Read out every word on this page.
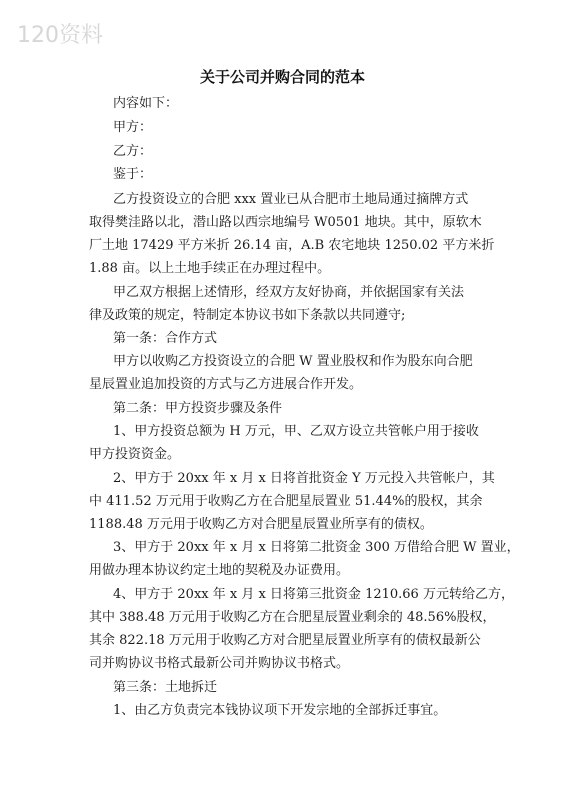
120资料
关于公司并购合同的范本
内容如下：
甲方：
乙方：
鉴于：
乙方投资设立的合肥 xxx 置业已从合肥市土地局通过摘牌方式
取得樊洼路以北，潜山路以西宗地编号 W0501 地块。其中，原软木
厂土地 17429 平方米折 26.14 亩，A.B 农宅地块 1250.02 平方米折
1.88 亩。以上土地手续正在办理过程中。
甲乙双方根据上述情形，经双方友好协商，并依据国家有关法
律及政策的规定，特制定本协议书如下条款以共同遵守;
第一条：合作方式
甲方以收购乙方投资设立的合肥 W 置业股权和作为股东向合肥
星辰置业追加投资的方式与乙方进展合作开发。
第二条：甲方投资步骤及条件
1、甲方投资总额为 H 万元，甲、乙双方设立共管帐户用于接收
甲方投资资金。
2、甲方于 20xx 年 x 月 x 日将首批资金 Y 万元投入共管帐户，其
中 411.52 万元用于收购乙方在合肥星辰置业 51.44%的股权，其余
1188.48 万元用于收购乙方对合肥星辰置业所享有的债权。
3、甲方于 20xx 年 x 月 x 日将第二批资金 300 万借给合肥 W 置业，
用做办理本协议约定土地的契税及办证费用。
4、甲方于 20xx 年 x 月 x 日将第三批资金 1210.66 万元转给乙方，
其中 388.48 万元用于收购乙方在合肥星辰置业剩余的 48.56%股权，
其余 822.18 万元用于收购乙方对合肥星辰置业所享有的债权最新公
司并购协议书格式最新公司并购协议书格式。
第三条：土地拆迁
1、由乙方负责完本钱协议项下开发宗地的全部拆迁事宜。
